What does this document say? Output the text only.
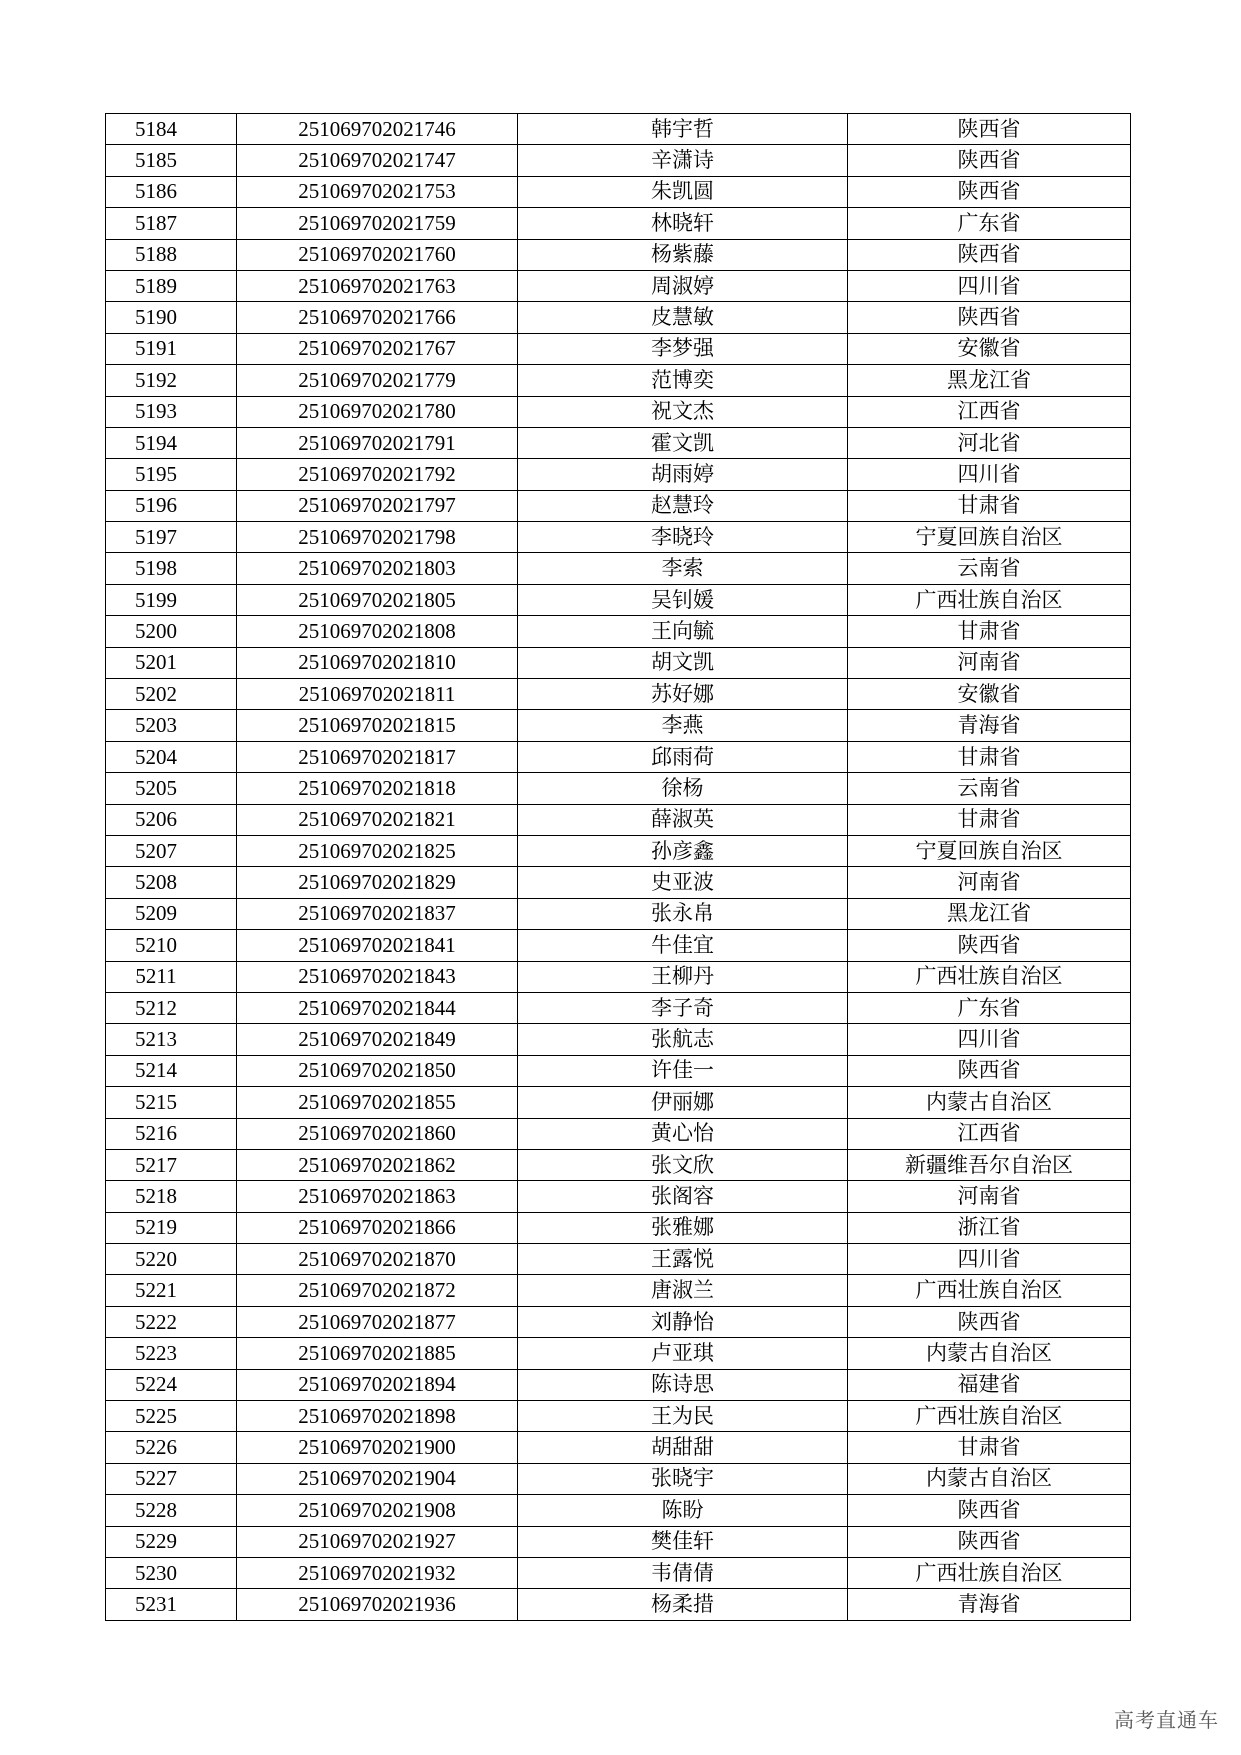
5184	251069702021746	韩宇哲	陕西省
5185	251069702021747	辛潇诗	陕西省
5186	251069702021753	朱凯圆	陕西省
5187	251069702021759	林晓轩	广东省
5188	251069702021760	杨紫藤	陕西省
5189	251069702021763	周淑婷	四川省
5190	251069702021766	皮慧敏	陕西省
5191	251069702021767	李梦强	安徽省
5192	251069702021779	范博奕	黑龙江省
5193	251069702021780	祝文杰	江西省
5194	251069702021791	霍文凯	河北省
5195	251069702021792	胡雨婷	四川省
5196	251069702021797	赵慧玲	甘肃省
5197	251069702021798	李晓玲	宁夏回族自治区
5198	251069702021803	李索	云南省
5199	251069702021805	吴钊媛	广西壮族自治区
5200	251069702021808	王向毓	甘肃省
5201	251069702021810	胡文凯	河南省
5202	251069702021811	苏好娜	安徽省
5203	251069702021815	李燕	青海省
5204	251069702021817	邱雨荷	甘肃省
5205	251069702021818	徐杨	云南省
5206	251069702021821	薛淑英	甘肃省
5207	251069702021825	孙彦鑫	宁夏回族自治区
5208	251069702021829	史亚波	河南省
5209	251069702021837	张永帛	黑龙江省
5210	251069702021841	牛佳宜	陕西省
5211	251069702021843	王柳丹	广西壮族自治区
5212	251069702021844	李子奇	广东省
5213	251069702021849	张航志	四川省
5214	251069702021850	许佳一	陕西省
5215	251069702021855	伊丽娜	内蒙古自治区
5216	251069702021860	黄心怡	江西省
5217	251069702021862	张文欣	新疆维吾尔自治区
5218	251069702021863	张阁容	河南省
5219	251069702021866	张雅娜	浙江省
5220	251069702021870	王露悦	四川省
5221	251069702021872	唐淑兰	广西壮族自治区
5222	251069702021877	刘静怡	陕西省
5223	251069702021885	卢亚琪	内蒙古自治区
5224	251069702021894	陈诗思	福建省
5225	251069702021898	王为民	广西壮族自治区
5226	251069702021900	胡甜甜	甘肃省
5227	251069702021904	张晓宇	内蒙古自治区
5228	251069702021908	陈盼	陕西省
5229	251069702021927	樊佳轩	陕西省
5230	251069702021932	韦倩倩	广西壮族自治区
5231	251069702021936	杨柔措	青海省
高考直通车
